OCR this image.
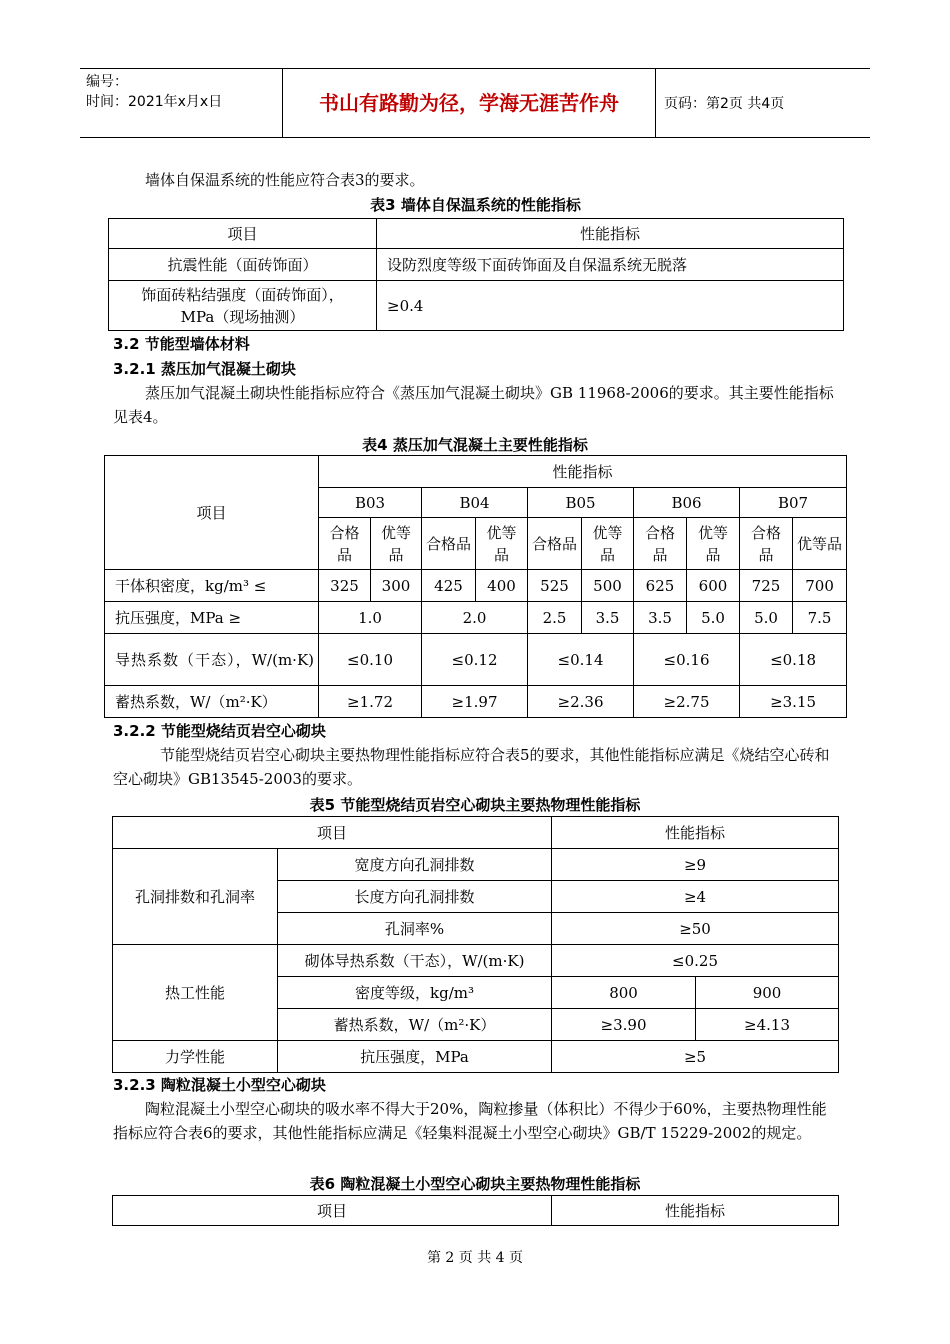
编号：
时间：2021年x月x日	书山有路勤为径，学海无涯苦作舟	页码：第2页 共4页

墙体自保温系统的性能应符合表3的要求。

表3 墙体自保温系统的性能指标
项目	性能指标
抗震性能（面砖饰面）	设防烈度等级下面砖饰面及自保温系统无脱落
饰面砖粘结强度（面砖饰面），MPa（现场抽测）	≥0.4
3.2 节能型墙体材料
3.2.1 蒸压加气混凝土砌块

蒸压加气混凝土砌块性能指标应符合《蒸压加气混凝土砌块》GB 11968-2006的要求。其主要性能指标见表4。

表4 蒸压加气混凝土主要性能指标
项目	性能指标									
	B03		B04		B05		B06		B07	
	合格品	优等品	合格品	优等品	合格品	优等品	合格品	优等品	合格品	优等品
干体积密度，kg/m³ ≤	325	300	425	400	525	500	625	600	725	700
抗压强度，MPa ≥	1.0		2.0		2.5	3.5	3.5	5.0	5.0	7.5
导热系数（干态），W/(m·K)	≤0.10		≤0.12		≤0.14		≤0.16		≤0.18	
蓄热系数，W/（m²·K）	≥1.72		≥1.97		≥2.36		≥2.75		≥3.15	
3.2.2 节能型烧结页岩空心砌块

节能型烧结页岩空心砌块主要热物理性能指标应符合表5的要求，其他性能指标应满足《烧结空心砖和空心砌块》GB13545-2003的要求。

表5 节能型烧结页岩空心砌块主要热物理性能指标
项目		性能指标	
孔洞排数和孔洞率	宽度方向孔洞排数	≥9	
	长度方向孔洞排数	≥4	
	孔洞率%	≥50	
热工性能	砌体导热系数（干态），W/(m·K)	≤0.25	
	密度等级，kg/m³	800	900
	蓄热系数，W/（m²·K）	≥3.90	≥4.13
力学性能	抗压强度，MPa	≥5	
3.2.3 陶粒混凝土小型空心砌块

陶粒混凝土小型空心砌块的吸水率不得大于20%，陶粒掺量（体积比）不得少于60%，主要热物理性能指标应符合表6的要求，其他性能指标应满足《轻集料混凝土小型空心砌块》GB/T 15229-2002的规定。

表6 陶粒混凝土小型空心砌块主要热物理性能指标
项目	性能指标
第 2 页 共 4 页
